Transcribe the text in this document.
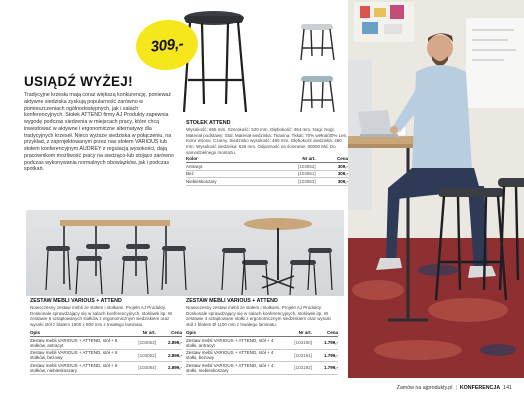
309,-
USIĄDŹ WYŻEJ!
Tradycyjne krzesła mają coraz większą konkurencję, ponieważ aktywne siedziska zyskują popularność zarówno w pomieszczeniach ogólnodostępnych, jak i salach konferencyjnych. Stołek ATTEND firmy AJ Produkty zapewnia wygodę podczas siedzenia w miejscach pracy, które chcą inwestować w aktywne i ergonomiczne alternatywy dla tradycyjnych krzeseł. Nieco wyższe siedziska w połączeniu, na przykład, z zaprojektowanym przez nas stołem VARIOUS lub stołem konferencyjnym AUDREY z regulacją wysokości, dają pracownikom możliwość pracy na siedząco-lub stojąco zarówno podczas wykonywania normalnych obowiązków, jak i podczas spotkań.
STOŁEK ATTEND
Wysokość: 655 mm. Szerokość: 520 mm. Głębokość: 464 mm. Nogi: Nogi: Materiał podstawy: Stal. Materiał siedziska: Tkanina. Tkkat: 70% wełna/30% Len. Kolor wsosu: Czarny. Siedzisko wysokość: 460 mm. Głębokość siedziska: 460 mm. Wysokość siedziska: 625 mm. Odporność na ścieranie: 50000 Md. Do samodzielnego montażu.
Kolor	Nr art.	Cena
Antracyt	[103952]	309,-
Beż	[103951]	309,-
Niebieskoszary	[103953]	309,-
ZESTAW MEBLI VARIOUS + ATTEND
Nowoczesny zestaw mebli ze stołem i stołkami. Projekt AJ Produkty. Doskonale sprawdzający się w salach konferencyjnych, stołówek itp. W zestawie 6 sztaplowanych stołków z ergonomicznym siedziskiem oraz wysoki stół z blatem 1800 x 800 mm z trwałego laminatu.
Opis	Nr art.	Cena
Zestaw mebli VARIOUS + ATTEND, stół + 6 stołków, antracyt	[103053]	2.899,-
Zestaw mebli VARIOUS + ATTEND, stół + 6 stołków, beżowy	[103052]	2.899,-
Zestaw mebli VARIOUS + ATTEND, stół + 6 stołków, niebieskoszary	[103054]	2.899,-
ZESTAW MEBLI VARIOUS + ATTEND
Nowoczesny zestaw mebli ze stołem i stołkami. Projekt AJ Produkty. Doskonale sprawdzający się w salach konferencyjnych, stołówek itp. W zestawie 4 sztaplowane stołki z ergonomicznym siedziskiem oraz wysoki stół z blatem Ø 1100 mm z trwałego laminatu.
Opis	Nr art.	Cena
Zestaw mebli VARIOUS + ATTEND, stół + 4 stołki, antracyt	[103190]	1.799,-
Zestaw mebli VARIOUS + ATTEND, stół + 4 stołki, beżowy	[103191]	1.799,-
Zestaw mebli VARIOUS + ATTEND, stół + 4 stołki, niebieskoszary	[103192]	1.799,-
Zamów na ajprodukty.pl | KONFERENCJA 141
